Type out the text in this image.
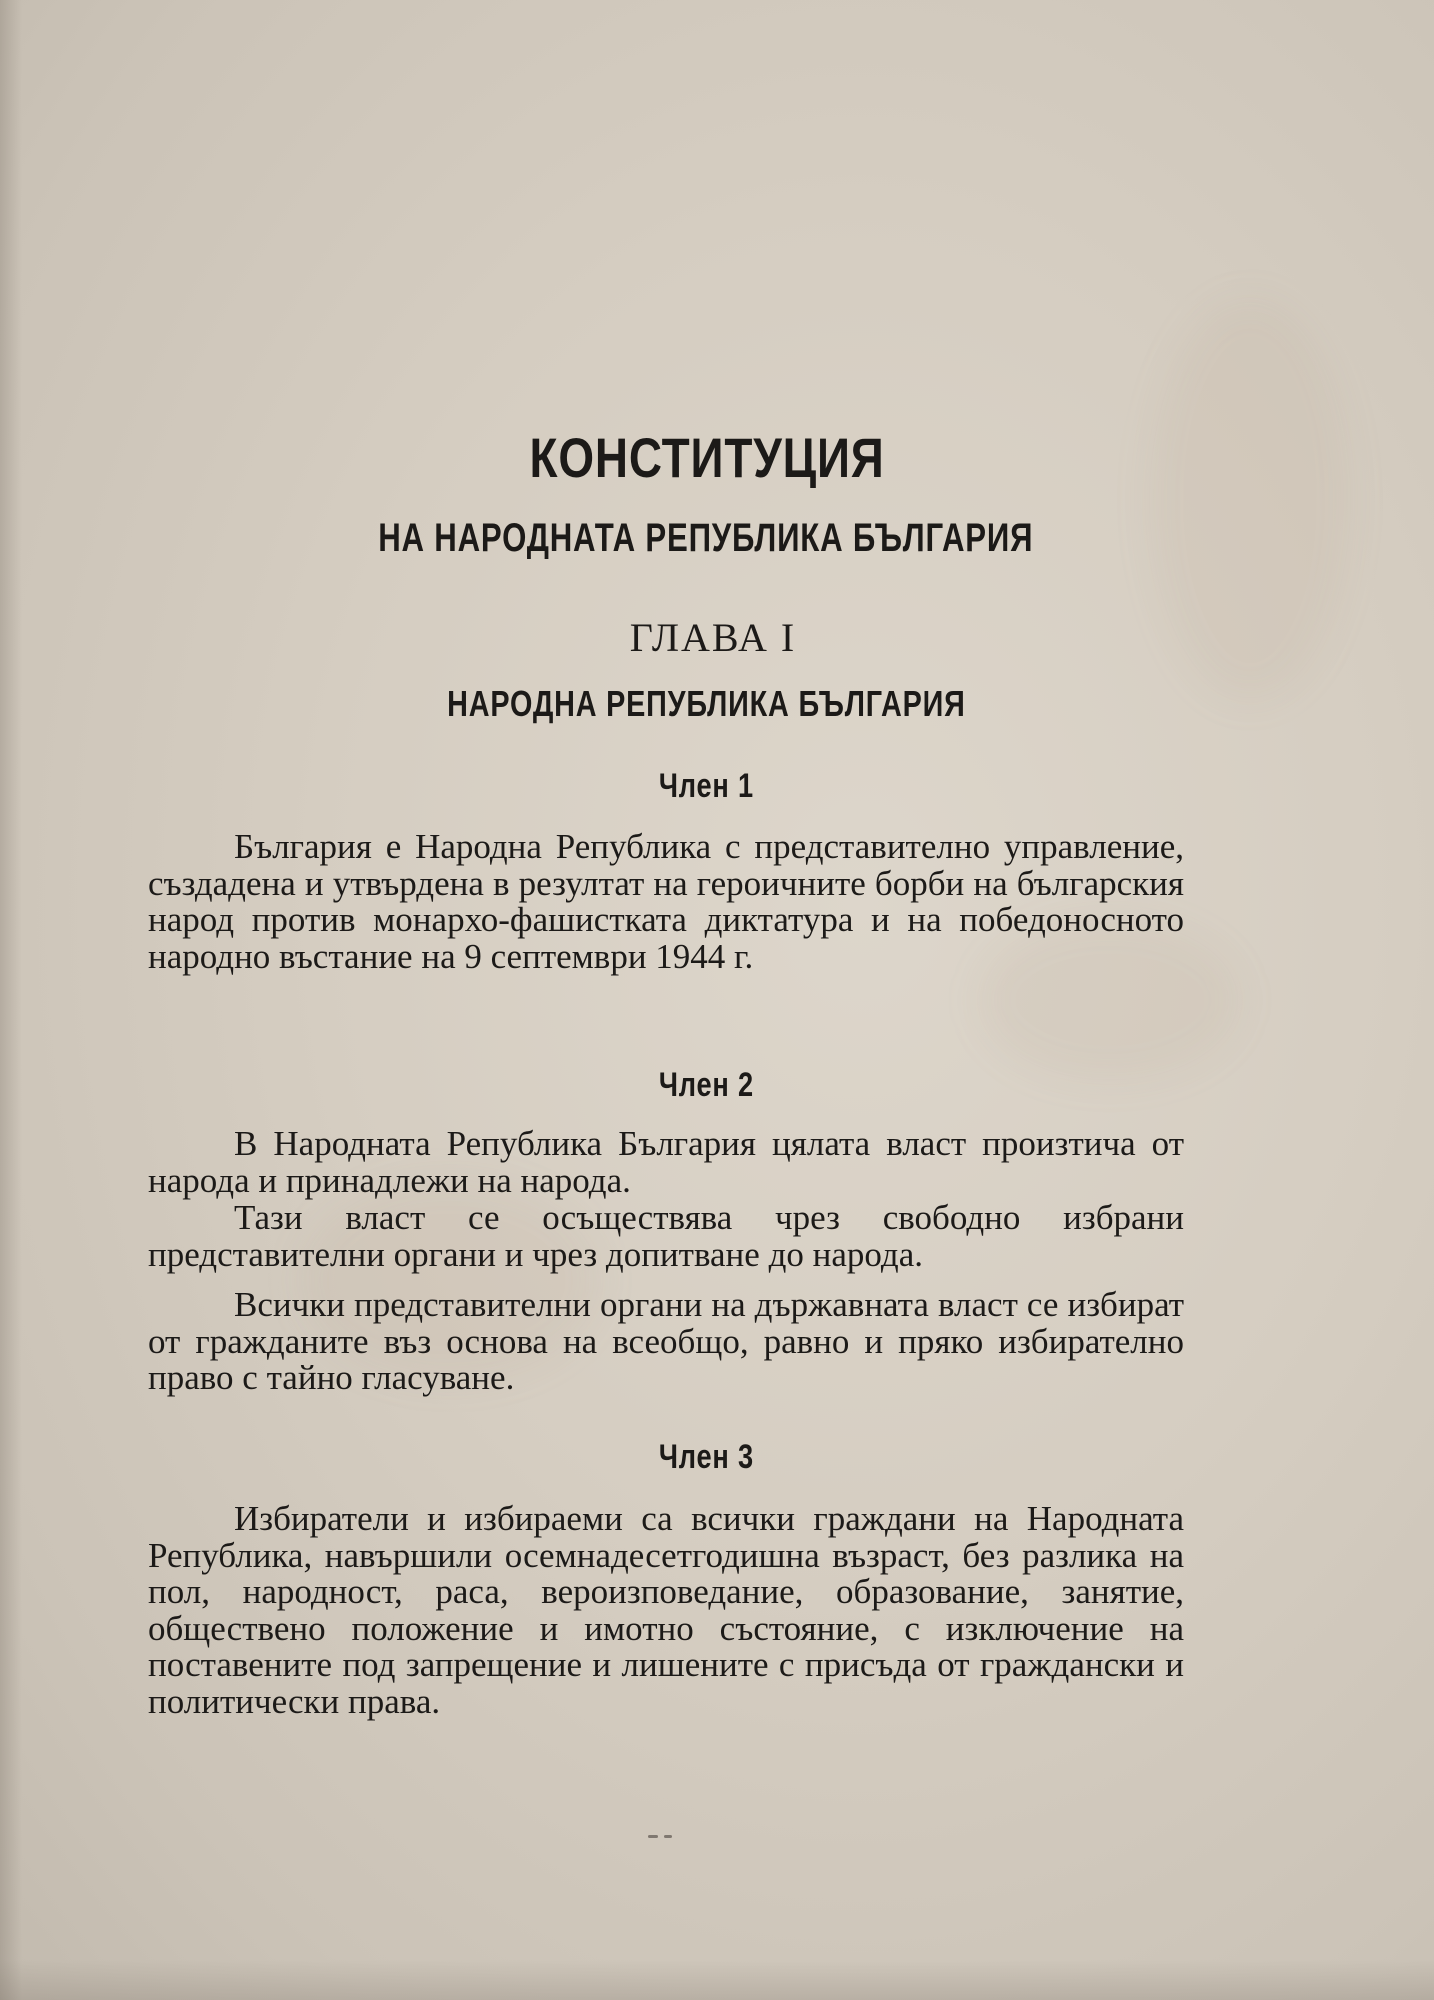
КОНСТИТУЦИЯ
НА НАРОДНАТА РЕПУБЛИКА БЪЛГАРИЯ
ГЛАВА I
НАРОДНА РЕПУБЛИКА БЪЛГАРИЯ
Член 1
България е Народна Република с представително управление, създадена и утвърдена в резултат на героичните борби на българския народ против монархо-фашистката диктатура и на победоносното народно въстание на 9 септември 1944 г.
Член 2
В Народната Република България цялата власт произтича от народа и принадлежи на народа.
Тази власт се осъществява чрез свободно избрани представителни органи и чрез допитване до народа.
Всички представителни органи на държавната власт се избират от гражданите въз основа на всеобщо, равно и пряко избирателно право с тайно гласуване.
Член 3
Избиратели и избираеми са всички граждани на Народната Република, навършили осемнадесетгодишна възраст, без разлика на пол, народност, раса, вероизповедание, образование, занятие, обществено положение и имотно състояние, с изключение на поставените под запрещение и лишените с присъда от граждански и политически права.
